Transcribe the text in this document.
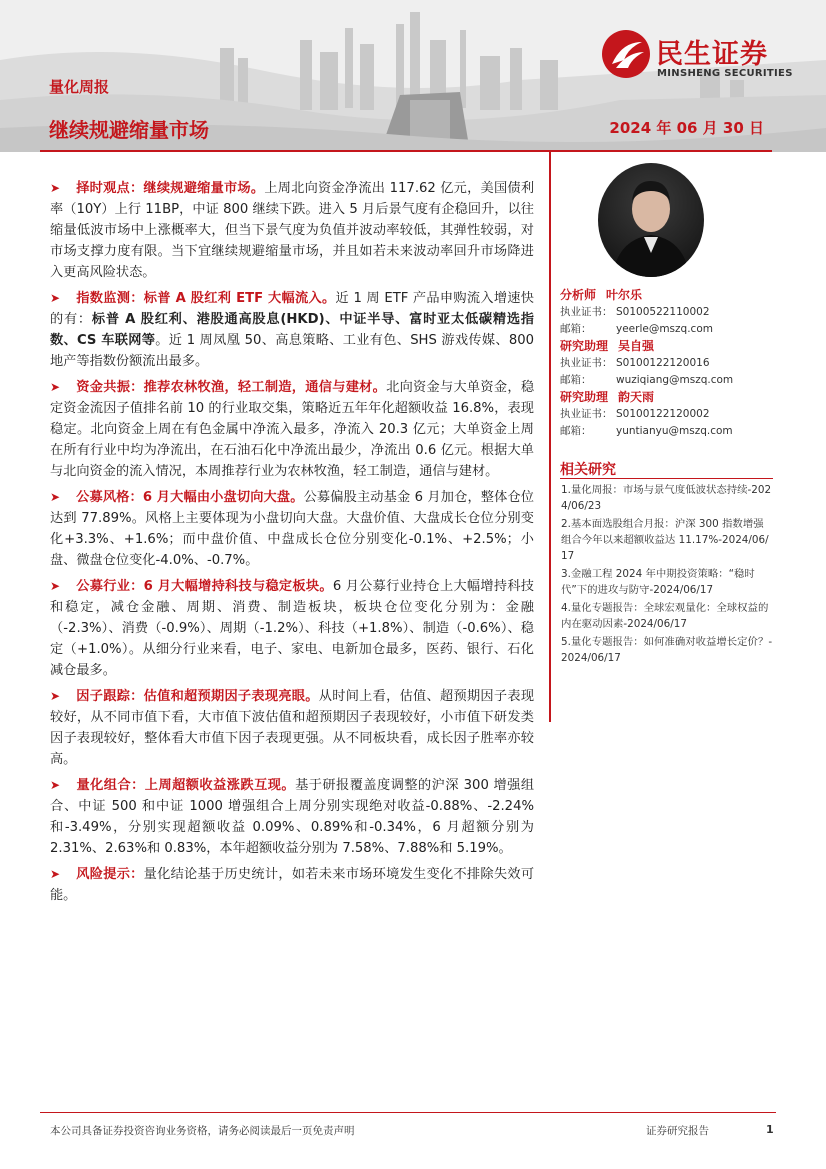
民生证券
MINSHENG SECURITIES
量化周报
继续规避缩量市场	2024 年 06 月 30 日
➤ 择时观点：继续规避缩量市场。上周北向资金净流出 117.62 亿元，美国债利率（10Y）上行 11BP，中证 800 继续下跌。进入 5 月后景气度有企稳回升，以往缩量低波市场中上涨概率大，但当下景气度为负值并波动率较低，其弹性较弱，对市场支撑力度有限。当下宜继续规避缩量市场，并且如若未来波动率回升市场降进入更高风险状态。
➤ 指数监测：标普 A 股红利 ETF 大幅流入。近 1 周 ETF 产品申购流入增速快的有：标普 A 股红利、港股通高股息(HKD)、中证半导、富时亚太低碳精选指数、CS 车联网等。近 1 周凤凰 50、高息策略、工业有色、SHS 游戏传媒、800 地产等指数份额流出最多。
➤ 资金共振：推荐农林牧渔，轻工制造，通信与建材。北向资金与大单资金，稳定资金流因子值排名前 10 的行业取交集，策略近五年年化超额收益 16.8%，表现稳定。北向资金上周在有色金属中净流入最多，净流入 20.3 亿元；大单资金上周在所有行业中均为净流出，在石油石化中净流出最少，净流出 0.6 亿元。根据大单与北向资金的流入情况，本周推荐行业为农林牧渔，轻工制造，通信与建材。
➤ 公募风格：6 月大幅由小盘切向大盘。公募偏股主动基金 6 月加仓，整体仓位达到 77.89%。风格上主要体现为小盘切向大盘。大盘价值、大盘成长仓位分别变化+3.3%、+1.6%；而中盘价值、中盘成长仓位分别变化-0.1%、+2.5%；小盘、微盘仓位变化-4.0%、-0.7%。
➤ 公募行业：6 月大幅增持科技与稳定板块。6 月公募行业持仓上大幅增持科技和稳定，减仓金融、周期、消费、制造板块，板块仓位变化分别为：金融（-2.3%）、消费（-0.9%）、周期（-1.2%）、科技（+1.8%）、制造（-0.6%）、稳定（+1.0%）。从细分行业来看，电子、家电、电新加仓最多，医药、银行、石化减仓最多。
➤ 因子跟踪：估值和超预期因子表现亮眼。从时间上看，估值、超预期因子表现较好，从不同市值下看，大市值下波估值和超预期因子表现较好，小市值下研发类因子表现较好，整体看大市值下因子表现更强。从不同板块看，成长因子胜率亦较高。
➤ 量化组合：上周超额收益涨跌互现。基于研报覆盖度调整的沪深 300 增强组合、中证 500 和中证 1000 增强组合上周分别实现绝对收益-0.88%、-2.24%和-3.49%，分别实现超额收益 0.09%、0.89%和-0.34%，6 月超额分别为 2.31%、2.63%和 0.83%，本年超额收益分别为 7.58%、7.88%和 5.19%。
➤ 风险提示：量化结论基于历史统计，如若未来市场环境发生变化不排除失效可能。
分析师 叶尔乐
执业证书： S0100522110002
邮箱： yeerle@mszq.com
研究助理 吴自强
执业证书： S0100122120016
邮箱： wuziqiang@mszq.com
研究助理 韵天雨
执业证书： S0100122120002
邮箱： yuntianyu@mszq.com
相关研究
1.量化周报：市场与景气度低波状态持续-2024/06/23
2.基本面选股组合月报：沪深 300 指数增强组合今年以来超额收益达 11.17%-2024/06/17
3.金融工程 2024 年中期投资策略：“稳时代”下的进攻与防守-2024/06/17
4.量化专题报告：全球宏观量化：全球权益的内在驱动因素-2024/06/17
5.量化专题报告：如何准确对收益增长定价？-2024/06/17
本公司具备证券投资咨询业务资格，请务必阅读最后一页免责声明	证券研究报告	1
